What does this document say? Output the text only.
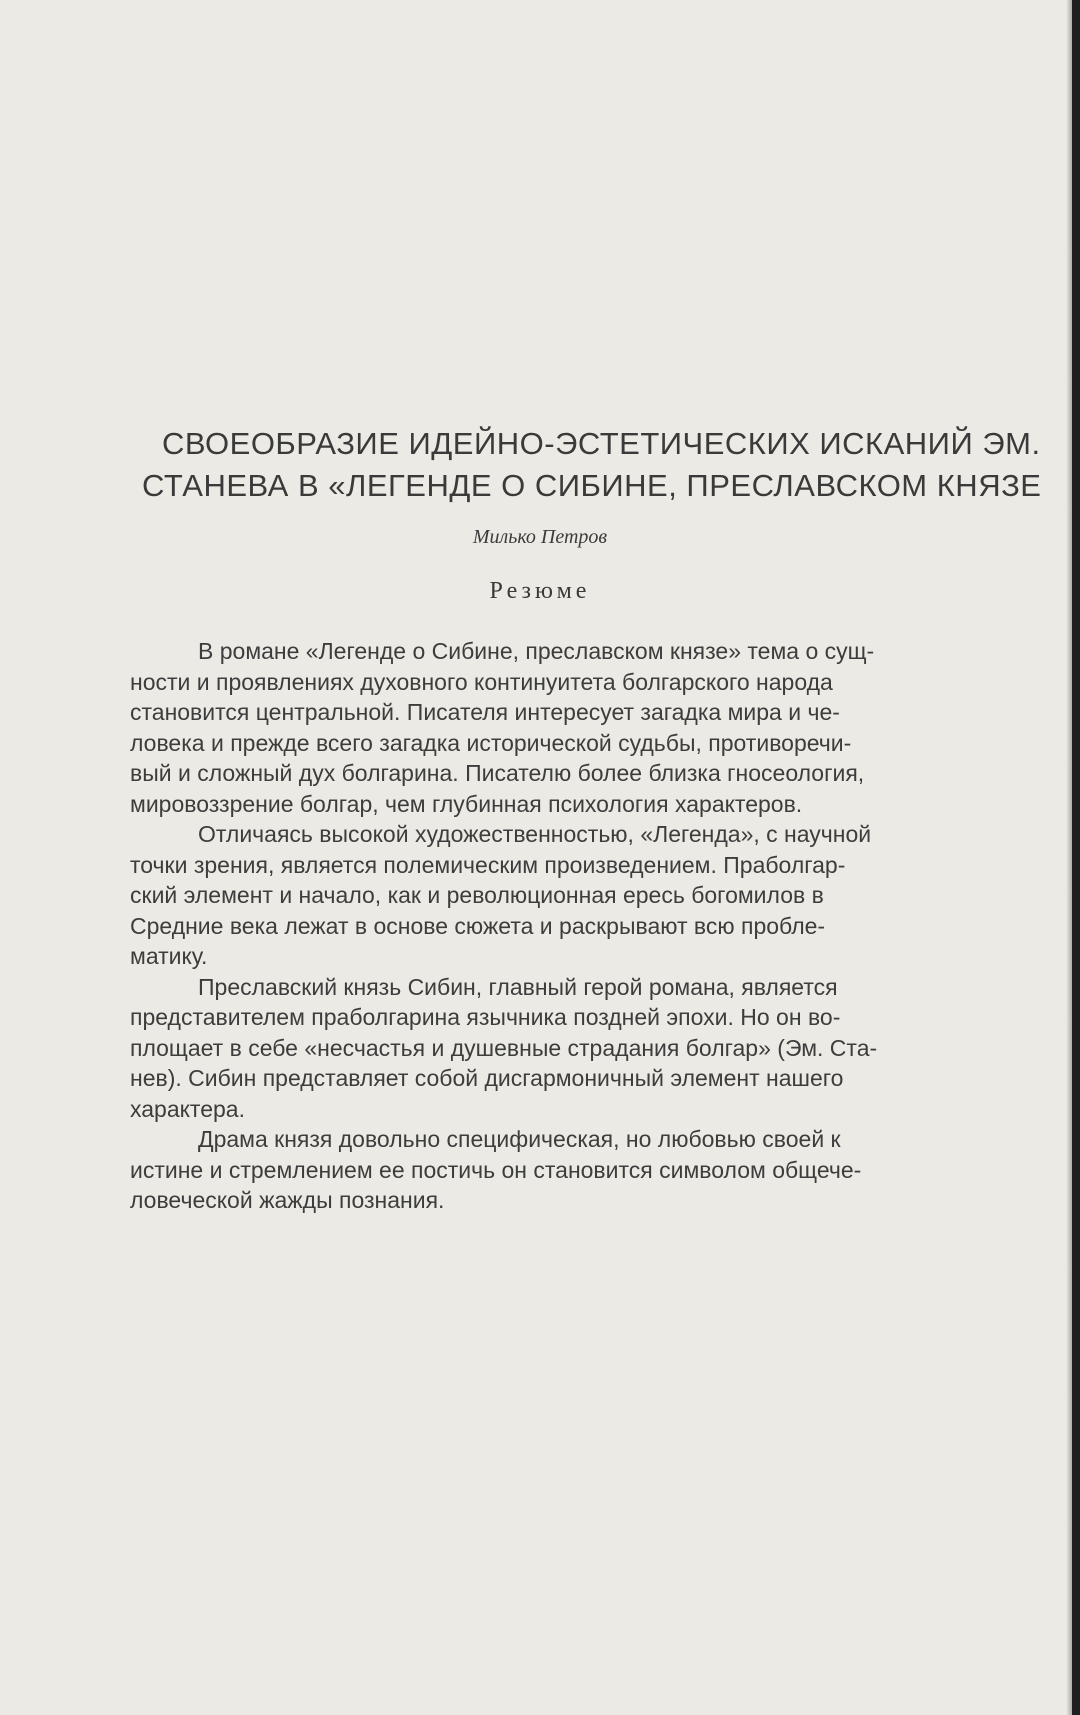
СВОЕОБРАЗИЕ ИДЕЙНО-ЭСТЕТИЧЕСКИХ ИСКАНИЙ ЭМ.
СТАНЕВА В «ЛЕГЕНДЕ О СИБИНЕ, ПРЕСЛАВСКОМ КНЯЗЕ
Милько Петров
Резюме
В романе «Легенде о Сибине, преславском князе» тема о сущ-
ности и проявлениях духовного континуитета болгарского народа
становится центральной. Писателя интересует загадка мира и че-
ловека и прежде всего загадка исторической судьбы, противоречи-
вый и сложный дух болгарина. Писателю более близка гносеология,
мировоззрение болгар, чем глубинная психология характеров.
Отличаясь высокой художественностью, «Легенда», с научной
точки зрения, является полемическим произведением. Праболгар-
ский элемент и начало, как и революционная ересь богомилов в
Средние века лежат в основе сюжета и раскрывают всю пробле-
матику.
Преславский князь Сибин, главный герой романа, является
представителем праболгарина язычника поздней эпохи. Но он во-
площает в себе «несчастья и душевные страдания болгар» (Эм. Ста-
нев). Сибин представляет собой дисгармоничный элемент нашего
характера.
Драма князя довольно специфическая, но любовью своей к
истине и стремлением ее постичь он становится символом общече-
ловеческой жажды познания.
